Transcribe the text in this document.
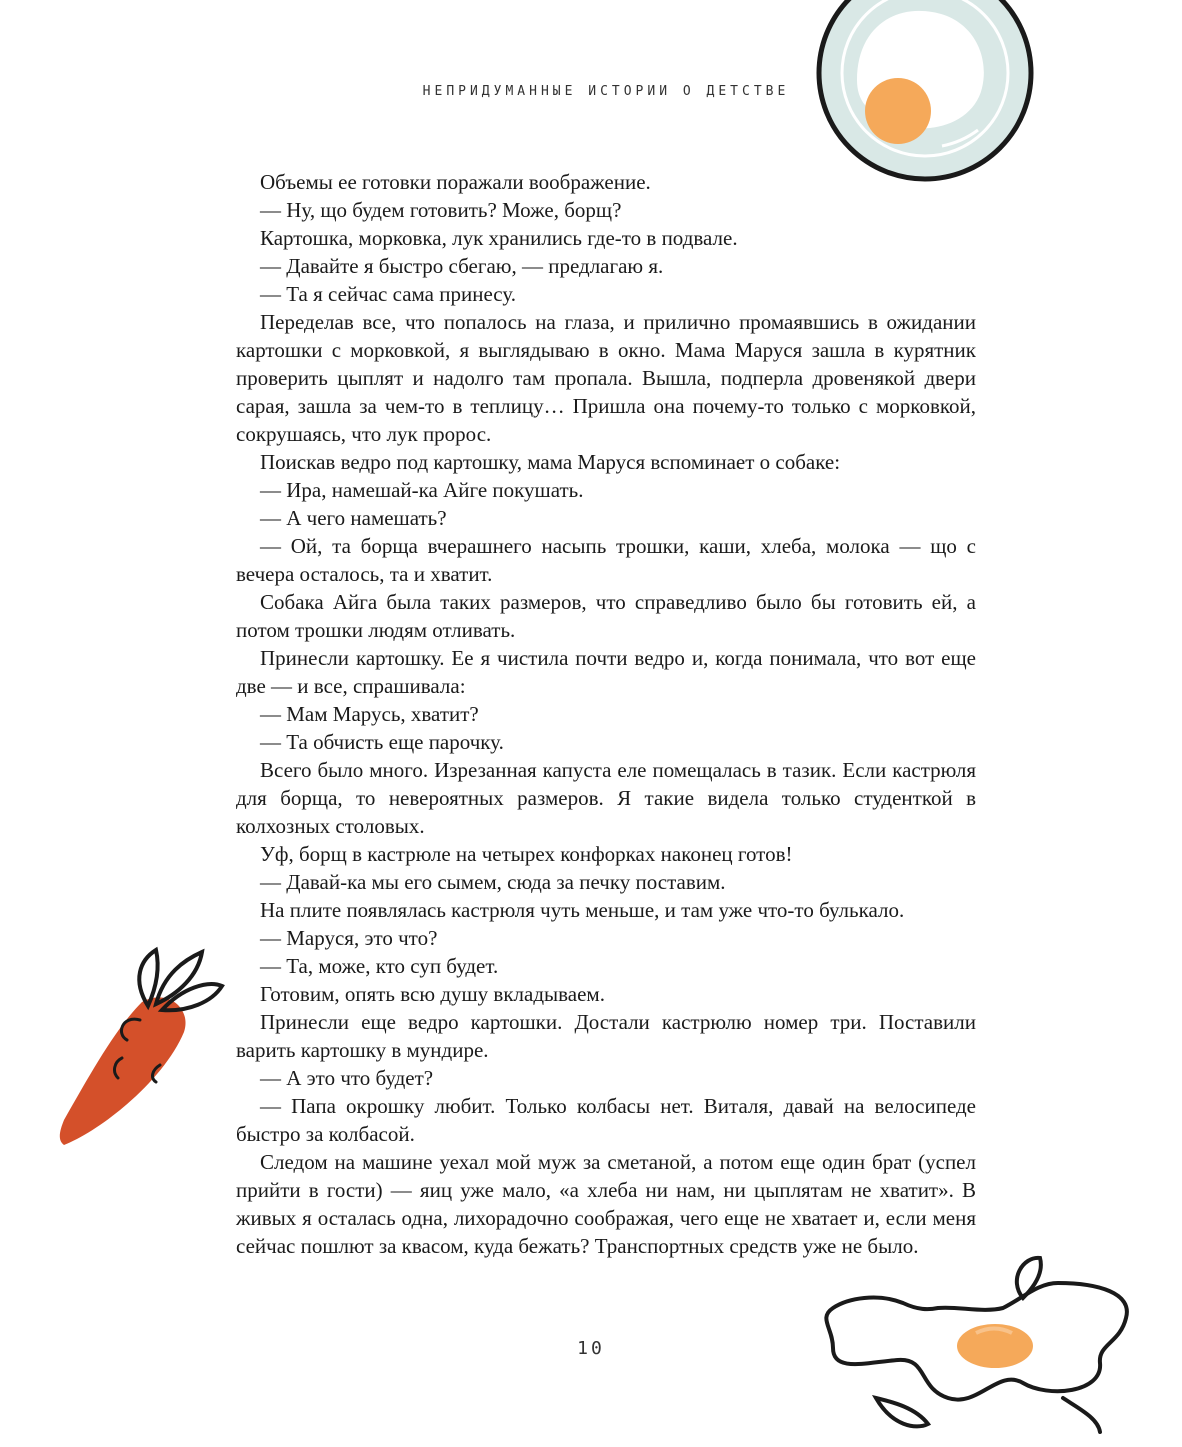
НЕПРИДУМАННЫЕ ИСТОРИИ О ДЕТСТВЕ

Объемы ее готовки поражали воображение.

— Ну, що будем готовить? Може, борщ?

Картошка, морковка, лук хранились где-то в подвале.

— Давайте я быстро сбегаю, — предлагаю я.

— Та я сейчас сама принесу.

Переделав все, что попалось на глаза, и прилично промаявшись в ожидании картошки с морковкой, я выглядываю в окно. Мама Маруся зашла в курятник проверить цыплят и надолго там пропала. Вышла, подперла дровенякой двери сарая, зашла за чем-то в теплицу… Пришла она почему-то только с морковкой, сокрушаясь, что лук пророс.

Поискав ведро под картошку, мама Маруся вспоминает о собаке:

— Ира, намешай-ка Айге покушать.

— А чего намешать?

— Ой, та борща вчерашнего насыпь трошки, каши, хлеба, молока — що с вечера осталось, та и хватит.

Собака Айга была таких размеров, что справедливо было бы готовить ей, а потом трошки людям отливать.

Принесли картошку. Ее я чистила почти ведро и, когда понимала, что вот еще две — и все, спрашивала:

— Мам Марусь, хватит?

— Та обчисть еще парочку.

Всего было много. Изрезанная капуста еле помещалась в тазик. Если кастрюля для борща, то невероятных размеров. Я такие видела только студенткой в колхозных столовых.

Уф, борщ в кастрюле на четырех конфорках наконец готов!

— Давай-ка мы его сымем, сюда за печку поставим.

На плите появлялась кастрюля чуть меньше, и там уже что-то булькало.

— Маруся, это что?

— Та, може, кто суп будет.

Готовим, опять всю душу вкладываем.

Принесли еще ведро картошки. Достали кастрюлю номер три. Поставили варить картошку в мундире.

— А это что будет?

— Папа окрошку любит. Только колбасы нет. Виталя, давай на велосипеде быстро за колбасой.

Следом на машине уехал мой муж за сметаной, а потом еще один брат (успел прийти в гости) — яиц уже мало, «а хлеба ни нам, ни цыплятам не хватит». В живых я осталась одна, лихорадочно соображая, чего еще не хватает и, если меня сейчас пошлют за квасом, куда бежать? Транспортных средств уже не было.

10
